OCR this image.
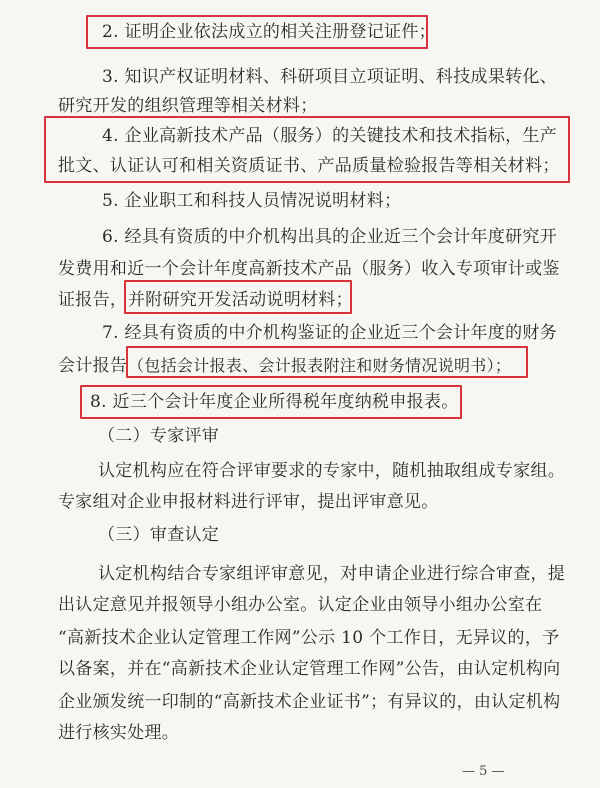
2. 证明企业依法成立的相关注册登记证件；
3. 知识产权证明材料、科研项目立项证明、科技成果转化、
研究开发的组织管理等相关材料；
4. 企业高新技术产品（服务）的关键技术和技术指标，生产
批文、认证认可和相关资质证书、产品质量检验报告等相关材料；
5. 企业职工和科技人员情况说明材料；
6. 经具有资质的中介机构出具的企业近三个会计年度研究开
发费用和近一个会计年度高新技术产品（服务）收入专项审计或鉴
证报告， 并附研究开发活动说明材料；
7. 经具有资质的中介机构鉴证的企业近三个会计年度的财务
会计报告 （包括会计报表、会计报表附注和财务情况说明书）；
8. 近三个会计年度企业所得税年度纳税申报表。
（二）专家评审
认定机构应在符合评审要求的专家中，随机抽取组成专家组。
专家组对企业申报材料进行评审，提出评审意见。
（三）审查认定
认定机构结合专家组评审意见，对申请企业进行综合审查，提
出认定意见并报领导小组办公室。认定企业由领导小组办公室在
“高新技术企业认定管理工作网”公示 10 个工作日，无异议的，予
以备案，并在“高新技术企业认定管理工作网”公告，由认定机构向
企业颁发统一印制的“高新技术企业证书”；有异议的，由认定机构
进行核实处理。
— 5 —
